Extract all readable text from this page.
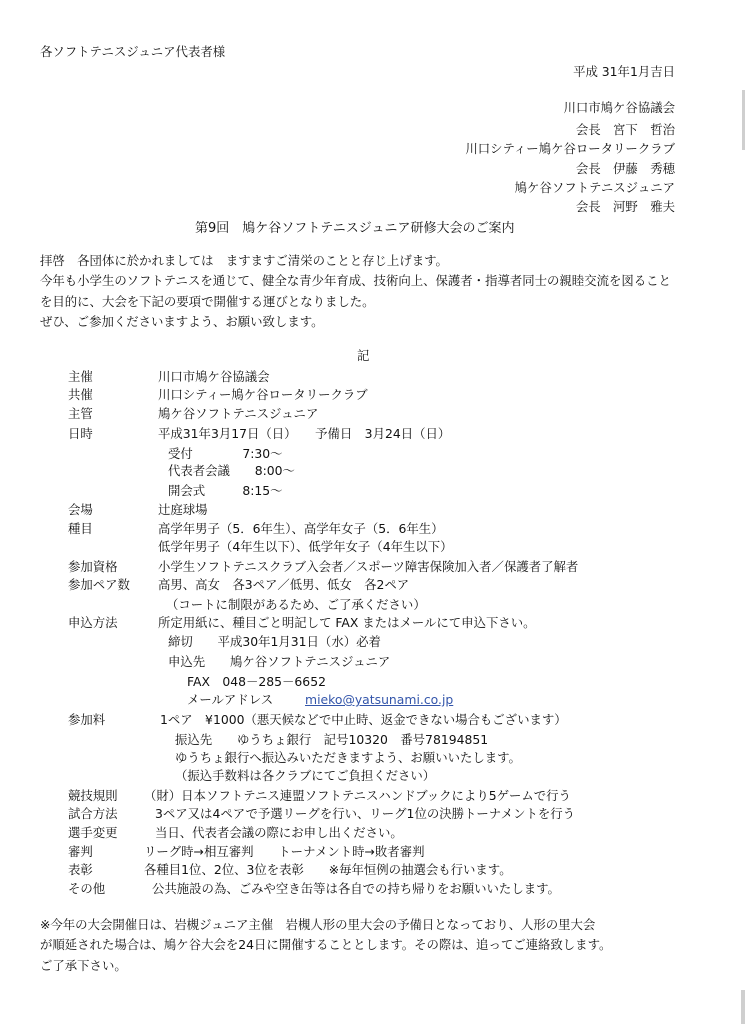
各ソフトテニスジュニア代表者様
平成 31年1月吉日
川口市鳩ケ谷協議会
会長　宮下　哲治
川口シティー鳩ケ谷ロータリークラブ
会長　伊藤　秀穂
鳩ケ谷ソフトテニスジュニア
会長　河野　雅夫
第9回　鳩ケ谷ソフトテニスジュニア研修大会のご案内
拝啓　各団体に於かれましては　ますますご清栄のことと存じ上げます。
今年も小学生のソフトテニスを通じて、健全な青少年育成、技術向上、保護者・指導者同士の親睦交流を図ること
を目的に、大会を下記の要項で開催する運びとなりました。
ぜひ、ご参加くださいますよう、お願い致します。
記
主催	川口市鳩ケ谷協議会
共催	川口シティー鳩ケ谷ロータリークラブ
主管	鳩ケ谷ソフトテニスジュニア
日時	平成31年3月17日（日）　　予備日　3月24日（日）
受付　　　　7:30～
代表者会議　　8:00～
開会式　　　8:15～
会場	辻庭球場
種目	高学年男子（5．6年生）、高学年女子（5．6年生）
低学年男子（4年生以下）、低学年女子（4年生以下）
参加資格	小学生ソフトテニスクラブ入会者／スポーツ障害保険加入者／保護者了解者
参加ペア数 高男、高女　各3ペア／低男、低女　各2ペア
（コートに制限があるため、ご了承ください）
申込方法	所定用紙に、種目ごと明記して FAX またはメールにて申込下さい。
締切　　平成30年1月31日（水）必着
申込先　　鳩ケ谷ソフトテニスジュニア
FAX　048－285－6652
メールアドレス	mieko@yatsunami.co.jp
参加料	1ペア　¥1000（悪天候などで中止時、返金できない場合もございます）
振込先　　ゆうちょ銀行　記号10320　番号78194851
ゆうちょ銀行へ振込みいただきますよう、お願いいたします。
（振込手数料は各クラブにてご負担ください）
競技規則 （財）日本ソフトテニス連盟ソフトテニスハンドブックにより5ゲームで行う
試合方法	3ペア又は4ペアで予選リーグを行い、リーグ1位の決勝トーナメントを行う
選手変更	当日、代表者会議の際にお申し出ください。
審判	リーグ時→相互審判　　トーナメント時→敗者審判
表彰	各種目1位、2位、3位を表彰　　※毎年恒例の抽選会も行います。
その他	公共施設の為、ごみや空き缶等は各自での持ち帰りをお願いいたします。
※今年の大会開催日は、岩槻ジュニア主催　岩槻人形の里大会の予備日となっており、人形の里大会
が順延された場合は、鳩ケ谷大会を24日に開催することとします。その際は、追ってご連絡致します。
ご了承下さい。
